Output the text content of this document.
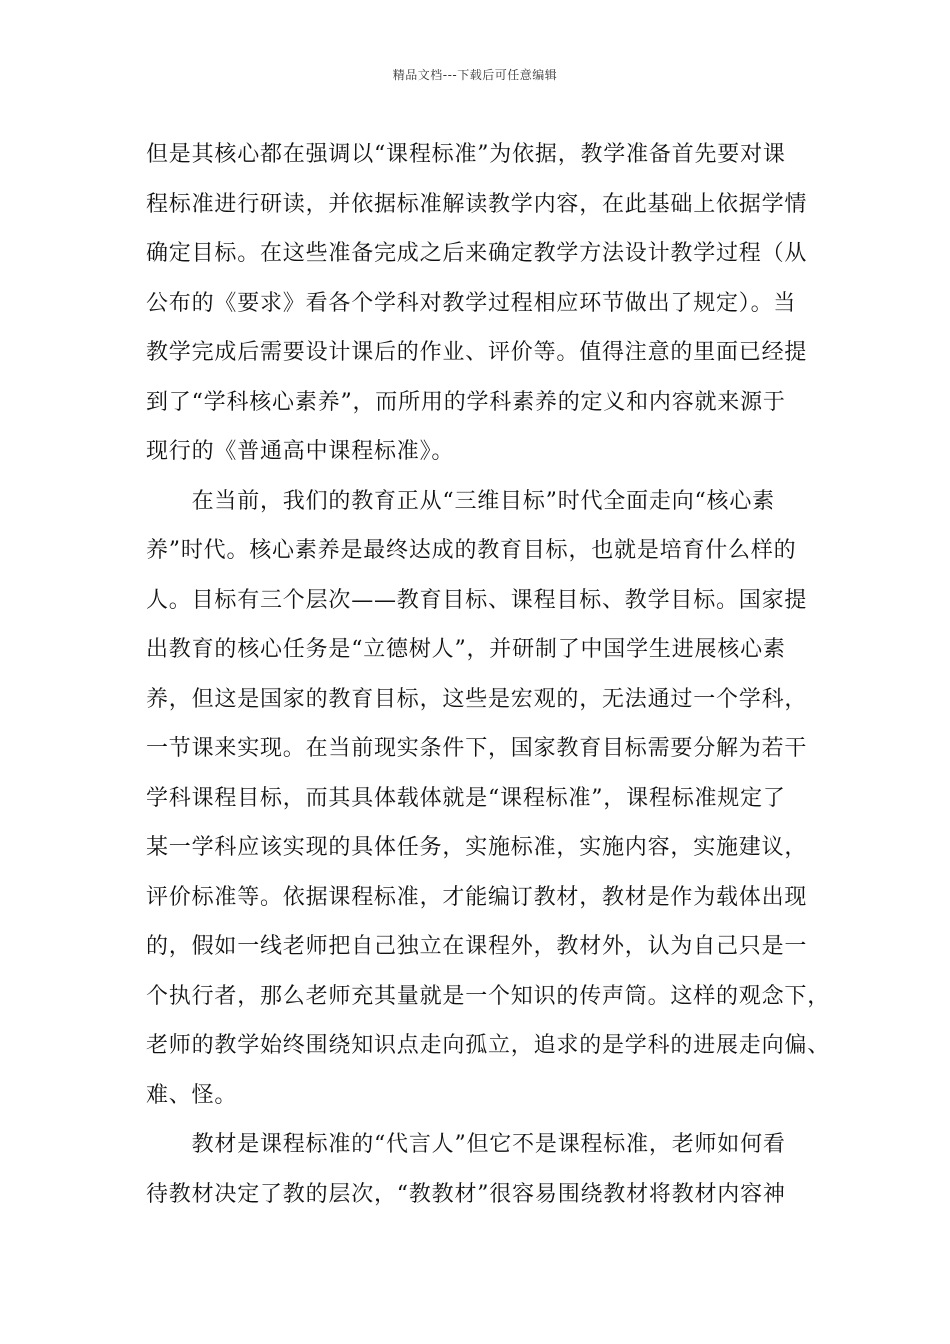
精品文档---下载后可任意编辑
但是其核心都在强调以“课程标准”为依据，教学准备首先要对课
程标准进行研读，并依据标准解读教学内容，在此基础上依据学情
确定目标。在这些准备完成之后来确定教学方法设计教学过程（从
公布的《要求》看各个学科对教学过程相应环节做出了规定）。当
教学完成后需要设计课后的作业、评价等。值得注意的里面已经提
到了“学科核心素养”，而所用的学科素养的定义和内容就来源于
现行的《普通高中课程标准》。
　　在当前，我们的教育正从“三维目标”时代全面走向“核心素
养”时代。核心素养是最终达成的教育目标，也就是培育什么样的
人。目标有三个层次——教育目标、课程目标、教学目标。国家提
出教育的核心任务是“立德树人”，并研制了中国学生进展核心素
养，但这是国家的教育目标，这些是宏观的，无法通过一个学科，
一节课来实现。在当前现实条件下，国家教育目标需要分解为若干
学科课程目标，而其具体载体就是“课程标准”，课程标准规定了
某一学科应该实现的具体任务，实施标准，实施内容，实施建议，
评价标准等。依据课程标准，才能编订教材，教材是作为载体出现
的，假如一线老师把自己独立在课程外，教材外，认为自己只是一
个执行者，那么老师充其量就是一个知识的传声筒。这样的观念下，
老师的教学始终围绕知识点走向孤立，追求的是学科的进展走向偏、
难、怪。
　　教材是课程标准的“代言人”但它不是课程标准，老师如何看
待教材决定了教的层次，“教教材”很容易围绕教材将教材内容神
